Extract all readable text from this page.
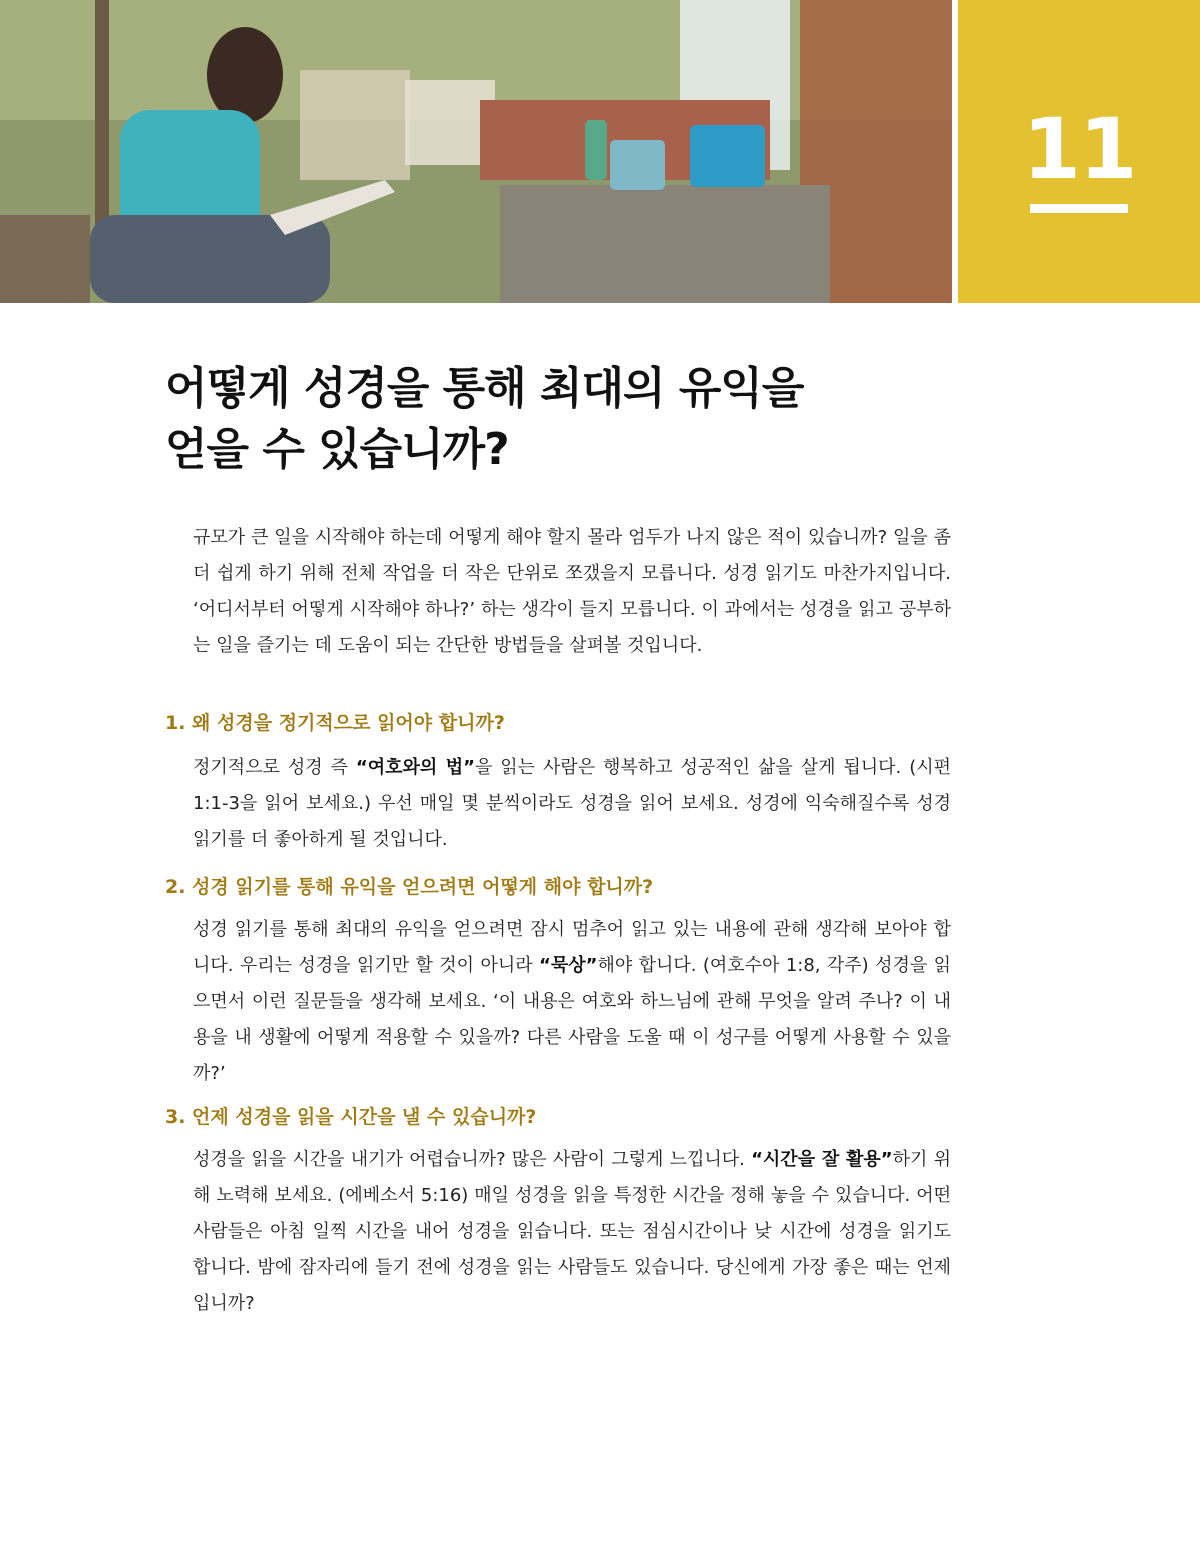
11
어떻게 성경을 통해 최대의 유익을
얻을 수 있습니까?

규모가 큰 일을 시작해야 하는데 어떻게 해야 할지 몰라 엄두가 나지 않은 적이 있습니까? 일을 좀 더 쉽게 하기 위해 전체 작업을 더 작은 단위로 쪼갰을지 모릅니다. 성경 읽기도 마찬가지입니다. ‘어디서부터 어떻게 시작해야 하나?’ 하는 생각이 들지 모릅니다. 이 과에서는 성경을 읽고 공부하는 일을 즐기는 데 도움이 되는 간단한 방법들을 살펴볼 것입니다.

1. 왜 성경을 정기적으로 읽어야 합니까?

정기적으로 성경 즉 “여호와의 법”을 읽는 사람은 행복하고 성공적인 삶을 살게 됩니다. (시편 1:1-3을 읽어 보세요.) 우선 매일 몇 분씩이라도 성경을 읽어 보세요. 성경에 익숙해질수록 성경 읽기를 더 좋아하게 될 것입니다.

2. 성경 읽기를 통해 유익을 얻으려면 어떻게 해야 합니까?

성경 읽기를 통해 최대의 유익을 얻으려면 잠시 멈추어 읽고 있는 내용에 관해 생각해 보아야 합니다. 우리는 성경을 읽기만 할 것이 아니라 “묵상”해야 합니다. (여호수아 1:8, 각주) 성경을 읽으면서 이런 질문들을 생각해 보세요. ‘이 내용은 여호와 하느님에 관해 무엇을 알려 주나? 이 내용을 내 생활에 어떻게 적용할 수 있을까? 다른 사람을 도울 때 이 성구를 어떻게 사용할 수 있을까?’

3. 언제 성경을 읽을 시간을 낼 수 있습니까?

성경을 읽을 시간을 내기가 어렵습니까? 많은 사람이 그렇게 느낍니다. “시간을 잘 활용”하기 위해 노력해 보세요. (에베소서 5:16) 매일 성경을 읽을 특정한 시간을 정해 놓을 수 있습니다. 어떤 사람들은 아침 일찍 시간을 내어 성경을 읽습니다. 또는 점심시간이나 낮 시간에 성경을 읽기도 합니다. 밤에 잠자리에 들기 전에 성경을 읽는 사람들도 있습니다. 당신에게 가장 좋은 때는 언제입니까?
